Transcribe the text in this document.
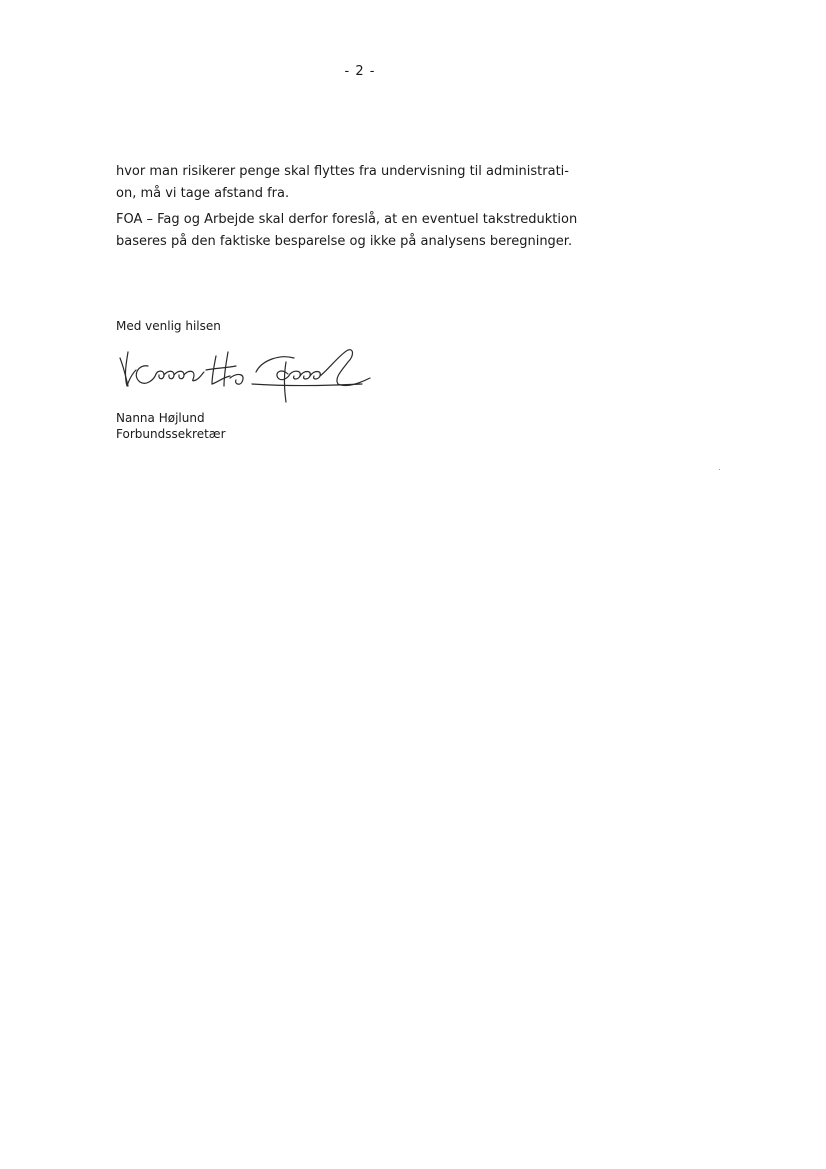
- 2 -

hvor man risikerer penge skal flyttes fra undervisning til administrati-
on, må vi tage afstand fra.

FOA – Fag og Arbejde skal derfor foreslå, at en eventuel takstreduktion
baseres på den faktiske besparelse og ikke på analysens beregninger.

Med venlig hilsen
Nanna Højlund
Forbundssekretær
